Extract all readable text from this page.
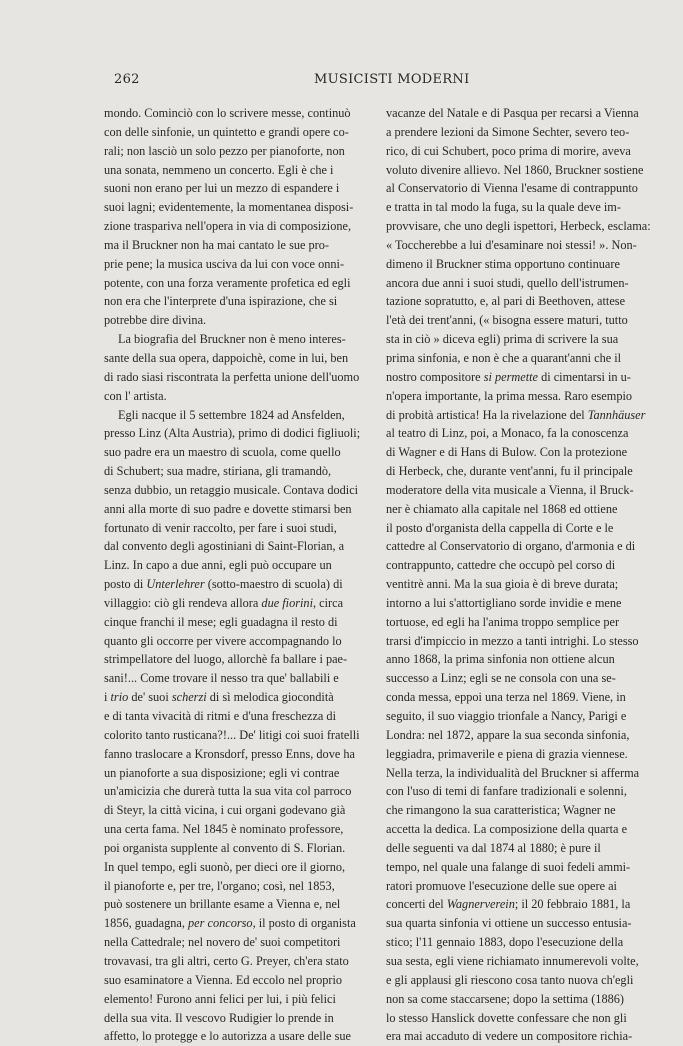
262	MUSICISTI MODERNI
mondo. Cominciò con lo scrivere messe, continuò
con delle sinfonie, un quintetto e grandi opere co-
rali; non lasciò un solo pezzo per pianoforte, non
una sonata, nemmeno un concerto. Egli è che i
suoni non erano per lui un mezzo di espandere i
suoi lagni; evidentemente, la momentanea disposi-
zione traspariva nell'opera in via di composizione,
ma il Bruckner non ha mai cantato le sue pro-
prie pene; la musica usciva da lui con voce onni-
potente, con una forza veramente profetica ed egli
non era che l'interprete d'una ispirazione, che si
potrebbe dire divina.
La biografia del Bruckner non è meno interes-
sante della sua opera, dappoichè, come in lui, ben
di rado siasi riscontrata la perfetta unione dell'uomo
con l' artista.
Egli nacque il 5 settembre 1824 ad Ansfelden,
presso Linz (Alta Austria), primo di dodici figliuoli;
suo padre era un maestro di scuola, come quello
di Schubert; sua madre, stiriana, gli tramandò,
senza dubbio, un retaggio musicale. Contava dodici
anni alla morte di suo padre e dovette stimarsi ben
fortunato di venir raccolto, per fare i suoi studi,
dal convento degli agostiniani di Saint-Florian, a
Linz. In capo a due anni, egli può occupare un
posto di Unterlehrer (sotto-maestro di scuola) di
villaggio: ciò gli rendeva allora due fiorini, circa
cinque franchi il mese; egli guadagna il resto di
quanto gli occorre per vivere accompagnando lo
strimpellatore del luogo, allorchè fa ballare i pae-
sani!... Come trovare il nesso tra que' ballabili e
i trio de' suoi scherzi di sì melodica giocondità
e di tanta vivacità di ritmi e d'una freschezza di
colorito tanto rusticana?!... De' litigi coi suoi fratelli
fanno traslocare a Kronsdorf, presso Enns, dove ha
un pianoforte a sua disposizione; egli vi contrae
un'amicizia che durerà tutta la sua vita col parroco
di Steyr, la città vicina, i cui organi godevano già
una certa fama. Nel 1845 è nominato professore,
poi organista supplente al convento di S. Florian.
In quel tempo, egli suonò, per dieci ore il giorno,
il pianoforte e, per tre, l'organo; così, nel 1853,
può sostenere un brillante esame a Vienna e, nel
1856, guadagna, per concorso, il posto di organista
nella Cattedrale; nel novero de' suoi competitori
trovavasi, tra gli altri, certo G. Preyer, ch'era stato
suo esaminatore a Vienna. Ed eccolo nel proprio
elemento! Furono anni felici per lui, i più felici
della sua vita. Il vescovo Rudigier lo prende in
affetto, lo protegge e lo autorizza a usare delle sue
vacanze del Natale e di Pasqua per recarsi a Vienna
a prendere lezioni da Simone Sechter, severo teo-
rico, di cui Schubert, poco prima di morire, aveva
voluto divenire allievo. Nel 1860, Bruckner sostiene
al Conservatorio di Vienna l'esame di contrappunto
e tratta in tal modo la fuga, su la quale deve im-
provvisare, che uno degli ispettori, Herbeck, esclama:
« Toccherebbe a lui d'esaminare noi stessi! ». Non-
dimeno il Bruckner stima opportuno continuare
ancora due anni i suoi studi, quello dell'istrumen-
tazione sopratutto, e, al pari di Beethoven, attese
l'età dei trent'anni, (« bisogna essere maturi, tutto
sta in ciò » diceva egli) prima di scrivere la sua
prima sinfonia, e non è che a quarant'anni che il
nostro compositore si permette di cimentarsi in u-
n'opera importante, la prima messa. Raro esempio
di probità artistica! Ha la rivelazione del Tannhäuser
al teatro di Linz, poi, a Monaco, fa la conoscenza
di Wagner e di Hans di Bulow. Con la protezione
di Herbeck, che, durante vent'anni, fu il principale
moderatore della vita musicale a Vienna, il Bruck-
ner è chiamato alla capitale nel 1868 ed ottiene
il posto d'organista della cappella di Corte e le
cattedre al Conservatorio di organo, d'armonia e di
contrappunto, cattedre che occupò pel corso di
ventitrè anni. Ma la sua gioia è di breve durata;
intorno a lui s'attortigliano sorde invidie e mene
tortuose, ed egli ha l'anima troppo semplice per
trarsi d'impiccio in mezzo a tanti intrighi. Lo stesso
anno 1868, la prima sinfonia non ottiene alcun
successo a Linz; egli se ne consola con una se-
conda messa, eppoi una terza nel 1869. Viene, in
seguito, il suo viaggio trionfale a Nancy, Parigi e
Londra: nel 1872, appare la sua seconda sinfonia,
leggiadra, primaverile e piena di grazia viennese.
Nella terza, la individualità del Bruckner si afferma
con l'uso di temi di fanfare tradizionali e solenni,
che rimangono la sua caratteristica; Wagner ne
accetta la dedica. La composizione della quarta e
delle seguenti va dal 1874 al 1880; è pure il
tempo, nel quale una falange di suoi fedeli ammi-
ratori promuove l'esecuzione delle sue opere ai
concerti del Wagnerverein; il 20 febbraio 1881, la
sua quarta sinfonia vi ottiene un successo entusia-
stico; l'11 gennaio 1883, dopo l'esecuzione della
sua sesta, egli viene richiamato innumerevoli volte,
e gli applausi gli riescono cosa tanto nuova ch'egli
non sa come staccarsene; dopo la settima (1886)
lo stesso Hanslick dovette confessare che non gli
era mai accaduto di vedere un compositore richia-
